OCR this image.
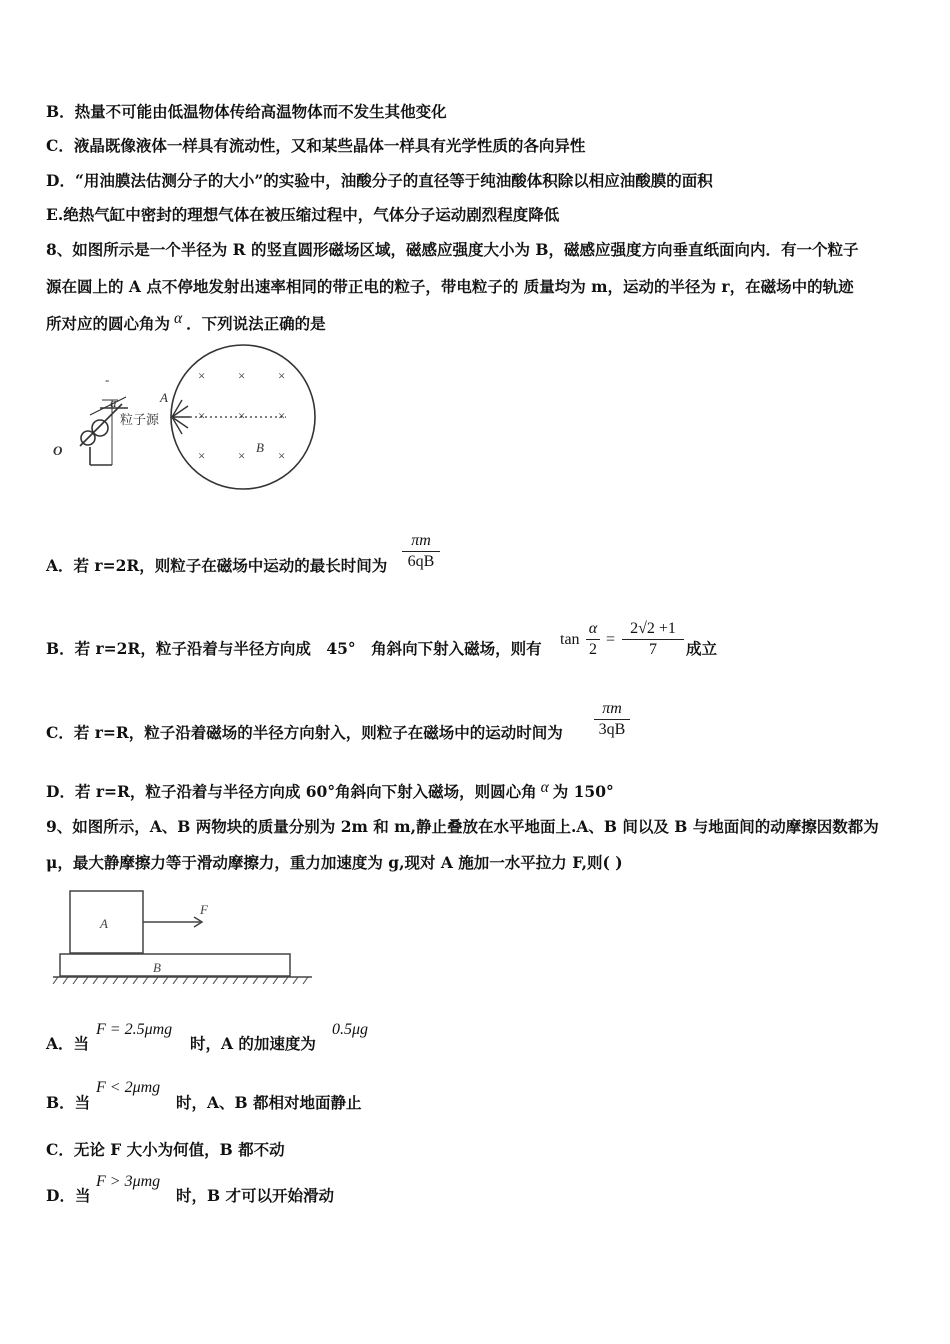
B．热量不可能由低温物体传给高温物体而不发生其他变化
C．液晶既像液体一样具有流动性，又和某些晶体一样具有光学性质的各向异性
D．“用油膜法估测分子的大小”的实验中，油酸分子的直径等于纯油酸体积除以相应油酸膜的面积
E.绝热气缸中密封的理想气体在被压缩过程中，气体分子运动剧烈程度降低
8、如图所示是一个半径为 R 的竖直圆形磁场区域，磁感应强度大小为 B，磁感应强度方向垂直纸面向内．有一个粒子
源在圆上的 A 点不停地发射出速率相同的带正电的粒子，带电粒子的 质量均为 m，运动的半径为 r，在磁场中的轨迹
所对应的圆心角为 α ．下列说法正确的是
-
a
O
粒子源
A
B
×	×	×
×	×	×
×	×	×
A．若 r=2R，则粒子在磁场中运动的最长时间为
πm
6qB
B．若 r=2R，粒子沿着与半径方向成　45°　角斜向下射入磁场，则有 tan
α
2
=
2√2 +1
7	成立
C．若 r=R，粒子沿着磁场的半径方向射入，则粒子在磁场中的运动时间为
πm
3qB
D．若 r=R，粒子沿着与半径方向成 60°角斜向下射入磁场，则圆心角 α 为 150°
9、如图所示，A、B 两物块的质量分别为 2m 和 m,静止叠放在水平地面上.A、B 间以及 B 与地面间的动摩擦因数都为
μ，最大静摩擦力等于滑动摩擦力，重力加速度为 g,现对 A 施加一水平拉力 F,则( )
A
B
F
A．当
F = 2.5μmg
时，A 的加速度为
0.5μg
B．当
F < 2μmg
时，A、B 都相对地面静止
C．无论 F 大小为何值，B 都不动
D．当
F > 3μmg
时，B 才可以开始滑动
